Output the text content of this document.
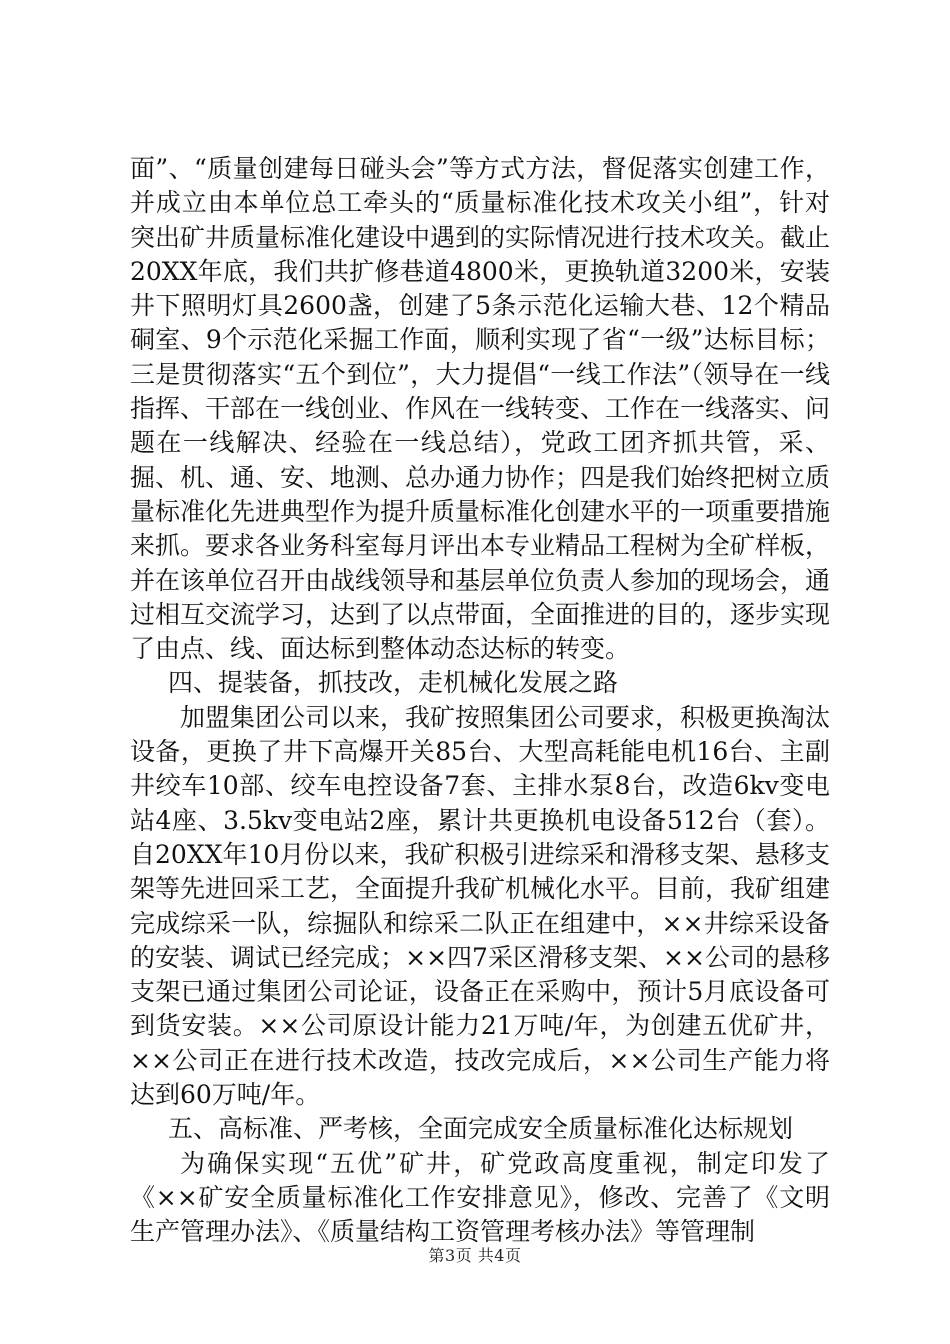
面”、“质量创建每日碰头会”等方式方法，督促落实创建工作，并成立由本单位总工牵头的“质量标准化技术攻关小组”，针对突出矿井质量标准化建设中遇到的实际情况进行技术攻关。截止20XX年底，我们共扩修巷道4800米，更换轨道3200米，安装井下照明灯具2600盏，创建了5条示范化运输大巷、12个精品硐室、9个示范化采掘工作面，顺利实现了省“一级”达标目标；三是贯彻落实“五个到位”，大力提倡“一线工作法”（领导在一线指挥、干部在一线创业、作风在一线转变、工作在一线落实、问题在一线解决、经验在一线总结），党政工团齐抓共管，采、掘、机、通、安、地测、总办通力协作；四是我们始终把树立质量标准化先进典型作为提升质量标准化创建水平的一项重要措施来抓。要求各业务科室每月评出本专业精品工程树为全矿样板，并在该单位召开由战线领导和基层单位负责人参加的现场会，通过相互交流学习，达到了以点带面，全面推进的目的，逐步实现了由点、线、面达标到整体动态达标的转变。

四、提装备，抓技改，走机械化发展之路

加盟集团公司以来，我矿按照集团公司要求，积极更换淘汰设备，更换了井下高爆开关85台、大型高耗能电机16台、主副井绞车10部、绞车电控设备7套、主排水泵8台，改造6kv变电站4座、3.5kv变电站2座，累计共更换机电设备512台（套）。自20XX年10月份以来，我矿积极引进综采和滑移支架、悬移支架等先进回采工艺，全面提升我矿机械化水平。目前，我矿组建完成综采一队，综掘队和综采二队正在组建中，××井综采设备的安装、调试已经完成；××四7采区滑移支架、××公司的悬移支架已通过集团公司论证，设备正在采购中，预计5月底设备可到货安装。××公司原设计能力21万吨/年，为创建五优矿井，××公司正在进行技术改造，技改完成后，××公司生产能力将达到60万吨/年。

五、高标准、严考核，全面完成安全质量标准化达标规划

为确保实现“五优”矿井，矿党政高度重视，制定印发了《××矿安全质量标准化工作安排意见》，修改、完善了《文明生产管理办法》、《质量结构工资管理考核办法》等管理制

第3页 共4页
